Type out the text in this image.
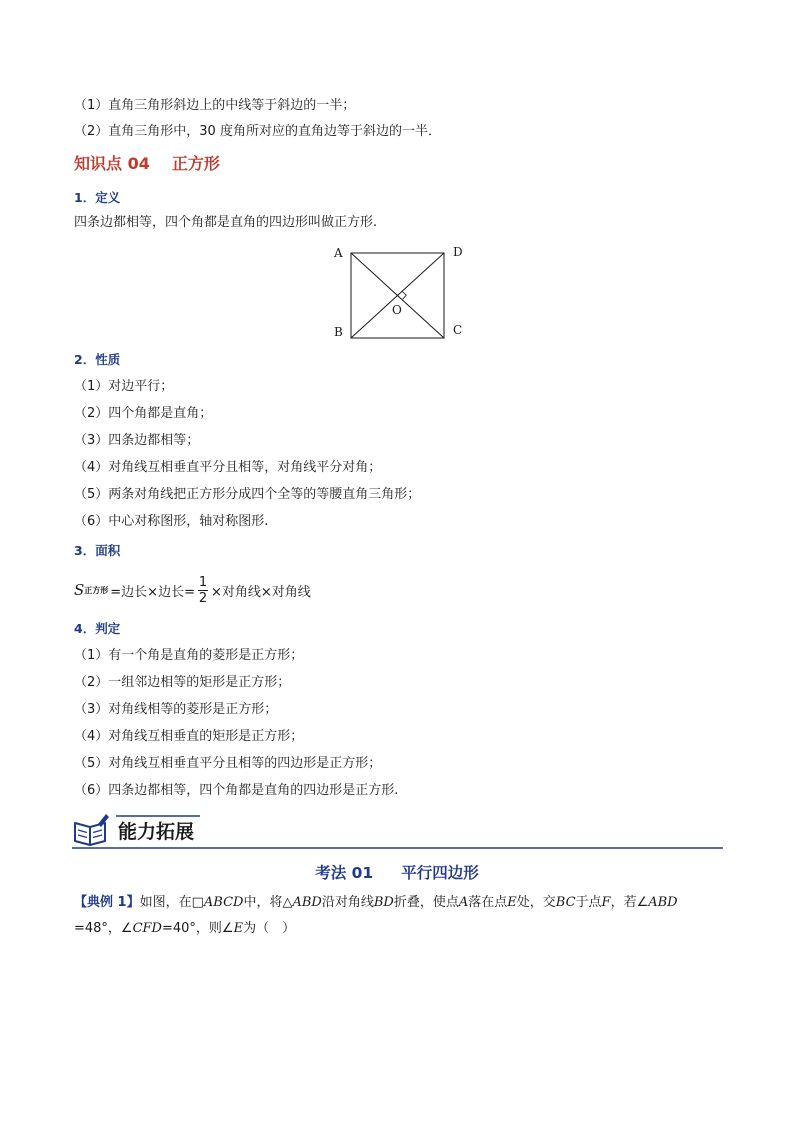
（1）直角三角形斜边上的中线等于斜边的一半；
（2）直角三角形中，30 度角所对应的直角边等于斜边的一半．
知识点 04 正方形
1．定义
四条边都相等，四个角都是直角的四边形叫做正方形.
A	D
B	C
O
2．性质
（1）对边平行；
（2）四个角都是直角；
（3）四条边都相等；
（4）对角线互相垂直平分且相等，对角线平分对角；
（5）两条对角线把正方形分成四个全等的等腰直角三角形；
（6）中心对称图形，轴对称图形.
3．面积
S 正方形 =边长×边长= $\frac{1}{2}$ ×对角线×对角线
4．判定
（1）有一个角是直角的菱形是正方形；
（2）一组邻边相等的矩形是正方形；
（3）对角线相等的菱形是正方形；
（4）对角线互相垂直的矩形是正方形；
（5）对角线互相垂直平分且相等的四边形是正方形；
（6）四条边都相等，四个角都是直角的四边形是正方形.
能力拓展
考法 01 平行四边形
【典例 1】如图，在□ABCD中，将△ABD沿对角线BD折叠，使点A落在点E处，交BC于点F，若∠ABD
=48°，∠CFD=40°，则∠E为（　）
